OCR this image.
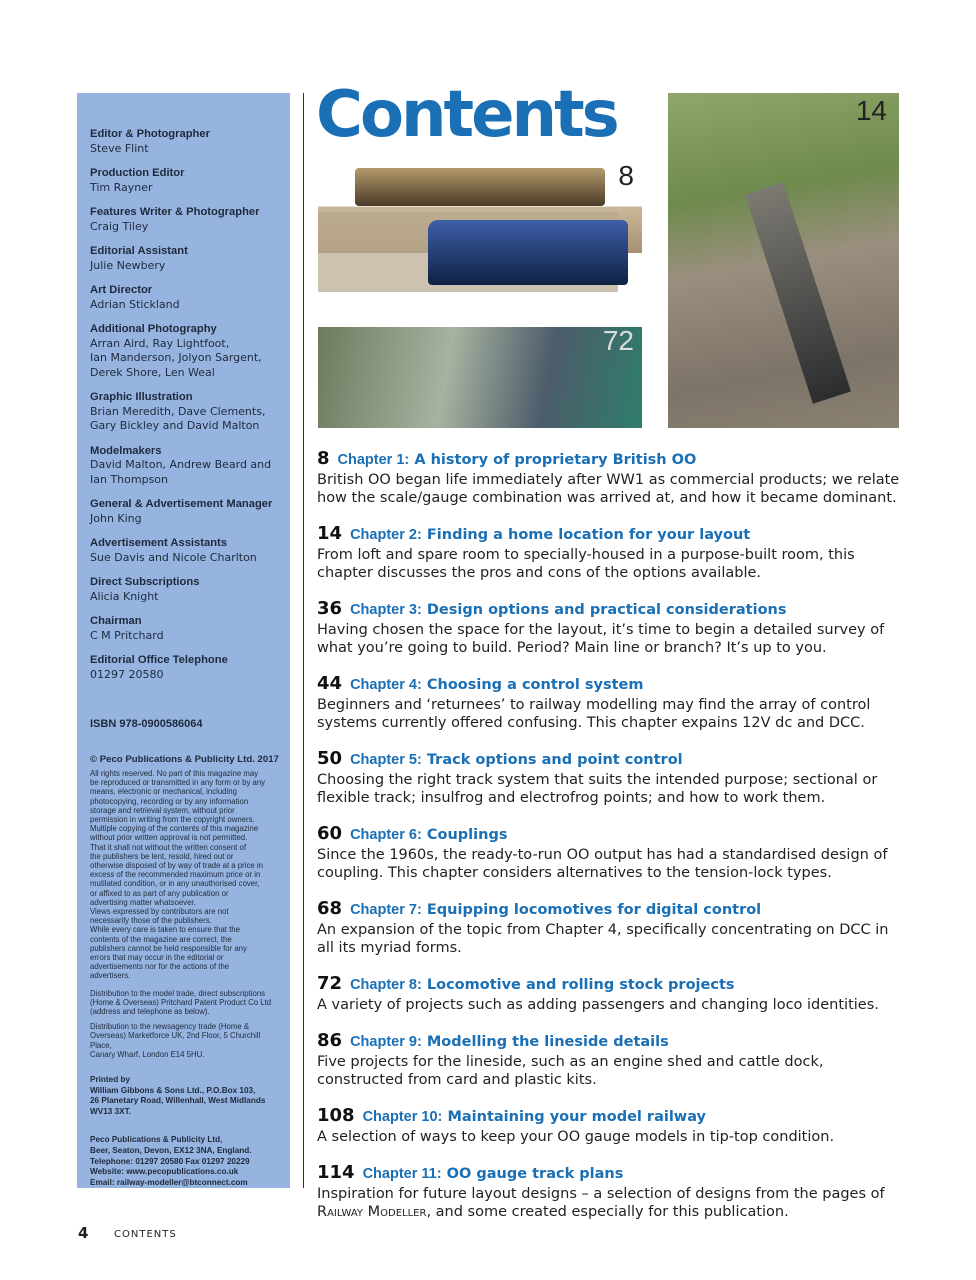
Editor & Photographer
Steve Flint
Production Editor
Tim Rayner
Features Writer & Photographer
Craig Tiley
Editorial Assistant
Julie Newbery
Art Director
Adrian Stickland
Additional Photography
Arran Aird, Ray Lightfoot,
Ian Manderson, Jolyon Sargent,
Derek Shore, Len Weal
Graphic Illustration
Brian Meredith, Dave Clements,
Gary Bickley and David Malton
Modelmakers
David Malton, Andrew Beard and
Ian Thompson
General & Advertisement Manager
John King
Advertisement Assistants
Sue Davis and Nicole Charlton
Direct Subscriptions
Alicia Knight
Chairman
C M Pritchard
Editorial Office Telephone
01297 20580
ISBN 978-0900586064
© Peco Publications & Publicity Ltd. 2017
All rights reserved. No part of this magazine may
be reproduced or transmitted in any form or by any
means, electronic or mechanical, including
photocopying, recording or by any information
storage and retrieval system, without prior
permission in writing from the copyright owners.
Multiple copying of the contents of this magazine
without prior written approval is not permitted.
That it shall not without the written consent of
the publishers be lent, resold, hired out or
otherwise disposed of by way of trade at a price in
excess of the recommended maximum price or in
mutilated condition, or in any unauthorised cover,
or affixed to as part of any publication or
advertising matter whatsoever.
Views expressed by contributors are not
necessarily those of the publishers.
While every care is taken to ensure that the
contents of the magazine are correct, the
publishers cannot be held responsible for any
errors that may occur in the editorial or
advertisements nor for the actions of the
advertisers.
Distribution to the model trade, direct subscriptions
(Home & Overseas) Pritchard Patent Product Co Ltd
(address and telephone as below).
Distribution to the newsagency trade (Home &
Overseas) Marketforce UK, 2nd Floor, 5 Churchill Place,
Canary Wharf, London E14 5HU.
Printed by
William Gibbons & Sons Ltd., P.O.Box 103,
26 Planetary Road, Willenhall, West Midlands
WV13 3XT.
Peco Publications & Publicity Ltd,
Beer, Seaton, Devon, EX12 3NA, England.
Telephone: 01297 20580 Fax 01297 20229
Website: www.pecopublications.co.uk
Email: railway-modeller@btconnect.com
Contents
8
72
14
8 Chapter 1: A history of proprietary British OO
British OO began life immediately after WW1 as commercial products; we relate how the scale/gauge combination was arrived at, and how it became dominant.
14 Chapter 2: Finding a home location for your layout
From loft and spare room to specially-housed in a purpose-built room, this chapter discusses the pros and cons of the options available.
36 Chapter 3: Design options and practical considerations
Having chosen the space for the layout, it’s time to begin a detailed survey of what you’re going to build. Period? Main line or branch? It’s up to you.
44 Chapter 4: Choosing a control system
Beginners and ‘returnees’ to railway modelling may find the array of control systems currently offered confusing. This chapter expains 12V dc and DCC.
50 Chapter 5: Track options and point control
Choosing the right track system that suits the intended purpose; sectional or flexible track; insulfrog and electrofrog points; and how to work them.
60 Chapter 6: Couplings
Since the 1960s, the ready-to-run OO output has had a standardised design of coupling. This chapter considers alternatives to the tension-lock types.
68 Chapter 7: Equipping locomotives for digital control
An expansion of the topic from Chapter 4, specifically concentrating on DCC in all its myriad forms.
72 Chapter 8: Locomotive and rolling stock projects
A variety of projects such as adding passengers and changing loco identities.
86 Chapter 9: Modelling the lineside details
Five projects for the lineside, such as an engine shed and cattle dock, constructed from card and plastic kits.
108 Chapter 10: Maintaining your model railway
A selection of ways to keep your OO gauge models in tip-top condition.
114 Chapter 11: OO gauge track plans
Inspiration for future layout designs – a selection of designs from the pages of Railway Modeller, and some created especially for this publication.
4	CONTENTS
